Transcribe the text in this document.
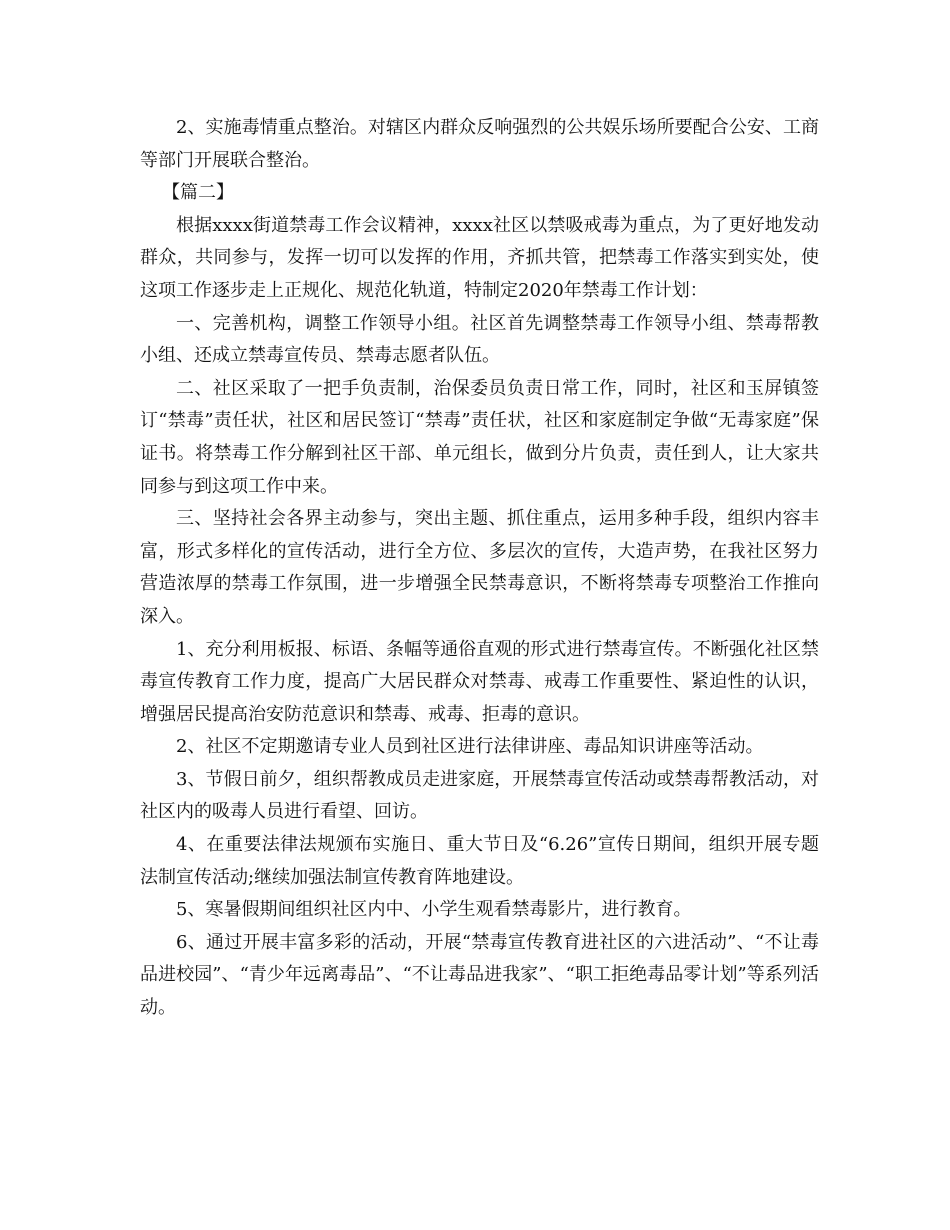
2、实施毒情重点整治。对辖区内群众反响强烈的公共娱乐场所要配合公安、工商等部门开展联合整治。

【篇二】

根据xxxx街道禁毒工作会议精神，xxxx社区以禁吸戒毒为重点，为了更好地发动群众，共同参与，发挥一切可以发挥的作用，齐抓共管，把禁毒工作落实到实处，使这项工作逐步走上正规化、规范化轨道，特制定2020年禁毒工作计划：

一、完善机构，调整工作领导小组。社区首先调整禁毒工作领导小组、禁毒帮教小组、还成立禁毒宣传员、禁毒志愿者队伍。

二、社区采取了一把手负责制，治保委员负责日常工作，同时，社区和玉屏镇签订“禁毒”责任状，社区和居民签订“禁毒”责任状，社区和家庭制定争做“无毒家庭”保证书。将禁毒工作分解到社区干部、单元组长，做到分片负责，责任到人，让大家共同参与到这项工作中来。

三、坚持社会各界主动参与，突出主题、抓住重点，运用多种手段，组织内容丰富，形式多样化的宣传活动，进行全方位、多层次的宣传，大造声势，在我社区努力营造浓厚的禁毒工作氛围，进一步增强全民禁毒意识，不断将禁毒专项整治工作推向深入。

1、充分利用板报、标语、条幅等通俗直观的形式进行禁毒宣传。不断强化社区禁毒宣传教育工作力度，提高广大居民群众对禁毒、戒毒工作重要性、紧迫性的认识，增强居民提高治安防范意识和禁毒、戒毒、拒毒的意识。

2、社区不定期邀请专业人员到社区进行法律讲座、毒品知识讲座等活动。

3、节假日前夕，组织帮教成员走进家庭，开展禁毒宣传活动或禁毒帮教活动，对社区内的吸毒人员进行看望、回访。

4、在重要法律法规颁布实施日、重大节日及“6.26”宣传日期间，组织开展专题法制宣传活动;继续加强法制宣传教育阵地建设。

5、寒暑假期间组织社区内中、小学生观看禁毒影片，进行教育。

6、通过开展丰富多彩的活动，开展“禁毒宣传教育进社区的六进活动”、“不让毒品进校园”、“青少年远离毒品”、“不让毒品进我家”、“职工拒绝毒品零计划”等系列活动。
